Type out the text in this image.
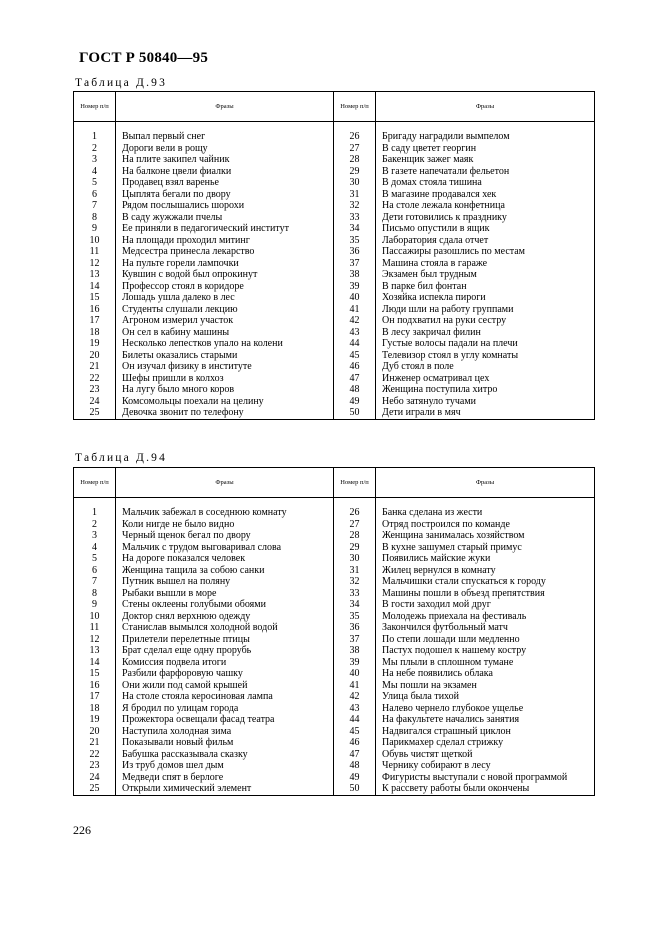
ГОСТ Р 50840—95
Таблица Д.93
Номер п/п	Фразы	Номер п/п	Фразы

1	Выпал первый снег	26	Бригаду наградили вымпелом
2	Дороги вели в рощу	27	В саду цветет георгин
3	На плите закипел чайник	28	Бакенщик зажег маяк
4	На балконе цвели фиалки	29	В газете напечатали фельетон
5	Продавец взял варенье	30	В домах стояла тишина
6	Цыплята бегали по двору	31	В магазине продавался хек
7	Рядом послышались шорохи	32	На столе лежала конфетница
8	В саду жужжали пчелы	33	Дети готовились к празднику
9	Ее приняли в педагогический институт	34	Письмо опустили в ящик
10	На площади проходил митинг	35	Лаборатория сдала отчет
11	Медсестра принесла лекарство	36	Пассажиры разошлись по местам
12	На пульте горели лампочки	37	Машина стояла в гараже
13	Кувшин с водой был опрокинут	38	Экзамен был трудным
14	Профессор стоял в коридоре	39	В парке бил фонтан
15	Лошадь ушла далеко в лес	40	Хозяйка испекла пироги
16	Студенты слушали лекцию	41	Люди шли на работу группами
17	Агроном измерил участок	42	Он подхватил на руки сестру
18	Он сел в кабину машины	43	В лесу закричал филин
19	Несколько лепестков упало на колени	44	Густые волосы падали на плечи
20	Билеты оказались старыми	45	Телевизор стоял в углу комнаты
21	Он изучал физику в институте	46	Дуб стоял в поле
22	Шефы пришли в колхоз	47	Инженер осматривал цех
23	На лугу было много коров	48	Женщина поступила хитро
24	Комсомольцы поехали на целину	49	Небо затянуло тучами
25	Девочка звонит по телефону	50	Дети играли в мяч
Таблица Д.94
Номер п/п	Фразы	Номер п/п	Фразы

1	Мальчик забежал в соседнюю комнату	26	Банка сделана из жести
2	Коли нигде не было видно	27	Отряд построился по команде
3	Черный щенок бегал по двору	28	Женщина занималась хозяйством
4	Мальчик с трудом выговаривал слова	29	В кухне зашумел старый примус
5	На дороге показался человек	30	Появились майские жуки
6	Женщина тащила за собою санки	31	Жилец вернулся в комнату
7	Путник вышел на поляну	32	Мальчишки стали спускаться к городу
8	Рыбаки вышли в море	33	Машины пошли в объезд препятствия
9	Стены оклеены голубыми обоями	34	В гости заходил мой друг
10	Доктор снял верхнюю одежду	35	Молодежь приехала на фестиваль
11	Станислав вымылся холодной водой	36	Закончился футбольный матч
12	Прилетели перелетные птицы	37	По степи лошади шли медленно
13	Брат сделал еще одну прорубь	38	Пастух подошел к нашему костру
14	Комиссия подвела итоги	39	Мы плыли в сплошном тумане
15	Разбили фарфоровую чашку	40	На небе появились облака
16	Они жили под самой крышей	41	Мы пошли на экзамен
17	На столе стояла керосиновая лампа	42	Улица была тихой
18	Я бродил по улицам города	43	Налево чернело глубокое ущелье
19	Прожектора освещали фасад театра	44	На факультете начались занятия
20	Наступила холодная зима	45	Надвигался страшный циклон
21	Показывали новый фильм	46	Парикмахер сделал стрижку
22	Бабушка рассказывала сказку	47	Обувь чистят щеткой
23	Из труб домов шел дым	48	Чернику собирают в лесу
24	Медведи спят в берлоге	49	Фигуристы выступали с новой программой
25	Открыли химический элемент	50	К рассвету работы были окончены
226
